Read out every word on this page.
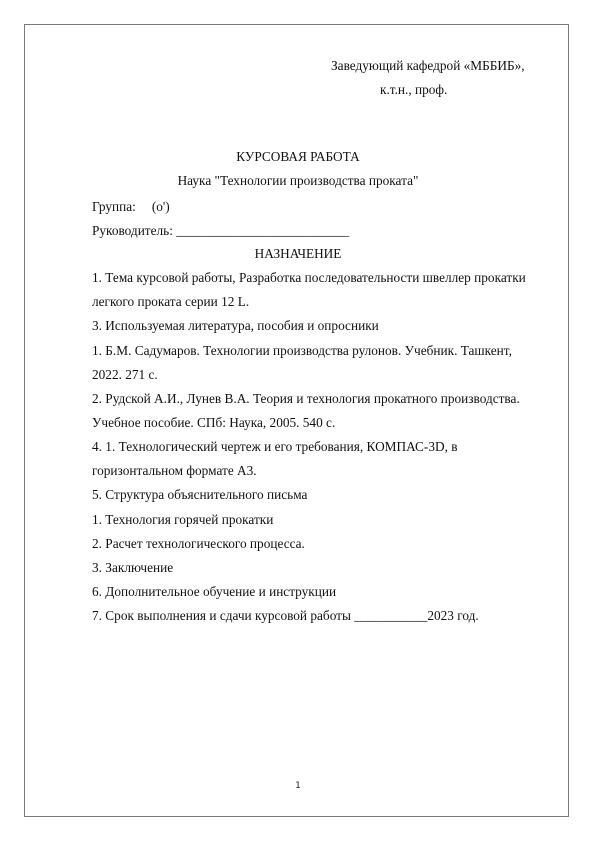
Заведующий кафедрой «МББИБ»,
к.т.н., проф.
КУРСОВАЯ РАБОТА
Наука "Технологии производства проката"
Группа: (o')
Руководитель: __________________________
НАЗНАЧЕНИЕ
1. Тема курсовой работы, Разработка последовательности швеллер прокатки
легкого проката серии 12 L.
3. Используемая литература, пособия и опросники
1. Б.М. Садумаров. Технологии производства рулонов. Учебник. Ташкент,
2022. 271 с.
2. Рудской А.И., Лунев В.А. Теория и технология прокатного производства.
Учебное пособие. СПб: Наука, 2005. 540 с.
4. 1. Технологический чертеж и его требования, КОМПАС-3D, в
горизонтальном формате А3.
5. Структура объяснительного письма
1. Технология горячей прокатки
2. Расчет технологического процесса.
3. Заключение
6. Дополнительное обучение и инструкции
7. Срок выполнения и сдачи курсовой работы ___________2023 год.
1
